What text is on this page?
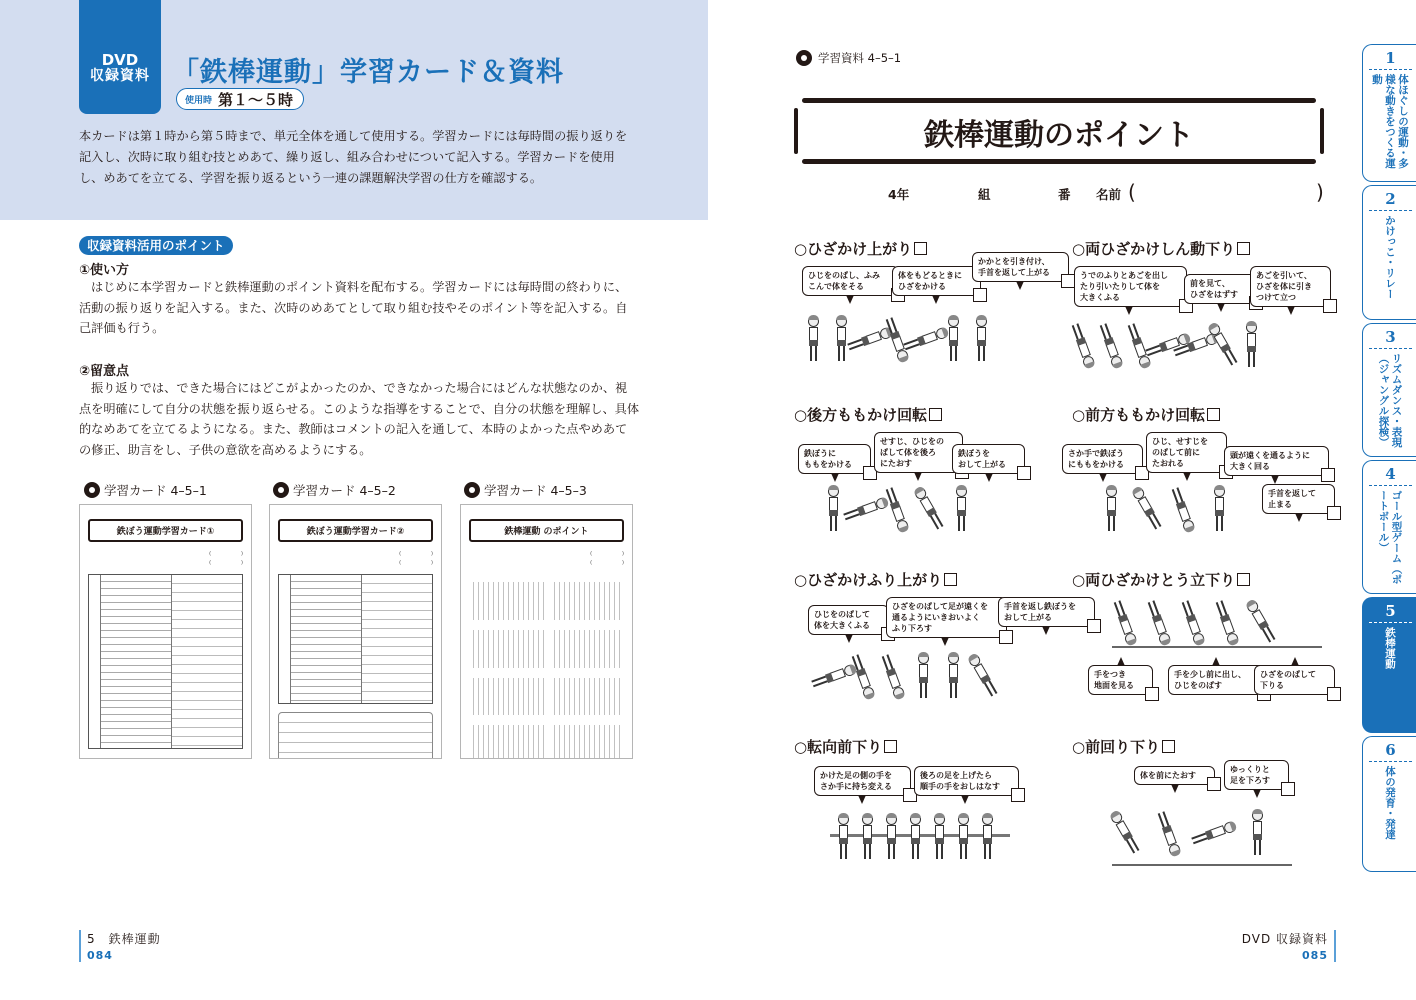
DVD
収録資料 「鉄棒運動」学習カード＆資料
使用時 第１～５時

本カードは第１時から第５時まで、単元全体を通して使用する。学習カードには毎時間の振り返りを記入し、次時に取り組む技とめあて、繰り返し、組み合わせについて記入する。学習カードを使用し、めあてを立てる、学習を振り返るという一連の課題解決学習の仕方を確認する。

収録資料活用のポイント
①使い方

はじめに本学習カードと鉄棒運動のポイント資料を配布する。学習カードには毎時間の終わりに、活動の振り返りを記入する。また、次時のめあてとして取り組む技やそのポイント等を記入する。自己評価も行う。

②留意点

振り返りでは、できた場合にはどこがよかったのか、できなかった場合にはどんな状態なのか、視点を明確にして自分の状態を振り返らせる。このような指導をすることで、自分の状態を理解し、具体的なめあてを立てるようになる。また、教師はコメントの記入を通して、本時のよかった点やめあての修正、助言をし、子供の意欲を高めるようにする。

学習カード 4–5–1
鉄ぼう運動学習カード①
(　　　　　　)
(　　　　　　)
学習カード 4–5–2
鉄ぼう運動学習カード②
(　　　　　　)
(　　　　　　)
学習カード 4–5–3
鉄棒運動 のポイント
(　　　　　　)
(　　　　　　)
5　鉄棒運動
084
学習資料 4–5–1
鉄棒運動のポイント
4年	組	番 名前 (	)
○ ひざかけ上がり
ひじをのばし、ふみ
こんで体をそる
体をもどるときに
ひざをかける
かかとを引き付け、
手首を返して上がる
○ 両ひざかけしん動下り
うでのふりとあごを出し
たり引いたりして体を
大きくふる
前を見て、
ひざをはずす
あごを引いて、
ひざを体に引き
つけて立つ
○ 後方ももかけ回転
鉄ぼうに
ももをかける
せすじ、ひじをの
ばして体を後ろ
にたおす
鉄ぼうを
おして上がる
○ 前方ももかけ回転
さか手で鉄ぼう
にももをかける
ひじ、せすじを
のばして前に
たおれる
頭が遠くを通るように
大きく回る
手首を返して
止まる
○ ひざかけふり上がり
ひじをのばして
体を大きくふる
ひざをのばして足が遠くを
通るようにいきおいよく
ふり下ろす
手首を返し鉄ぼうを
おして上がる
○ 両ひざかけとう立下り
手をつき
地面を見る
手を少し前に出し、
ひじをのばす
ひざをのばして
下りる
○ 転向前下り
かけた足の側の手を
さか手に持ち変える
後ろの足を上げたら
順手の手をおしはなす
○ 前回り下り
体を前にたおす
ゆっくりと
足を下ろす
DVD 収録資料
085
1
体ほぐしの運動・多様な動きをつくる運動
2
かけっこ・リレー
3
リズムダンス・表現（ジャングル探検）
4
ゴール型ゲーム（ポートボール）
5
鉄棒運動
6
体の発育・発達
